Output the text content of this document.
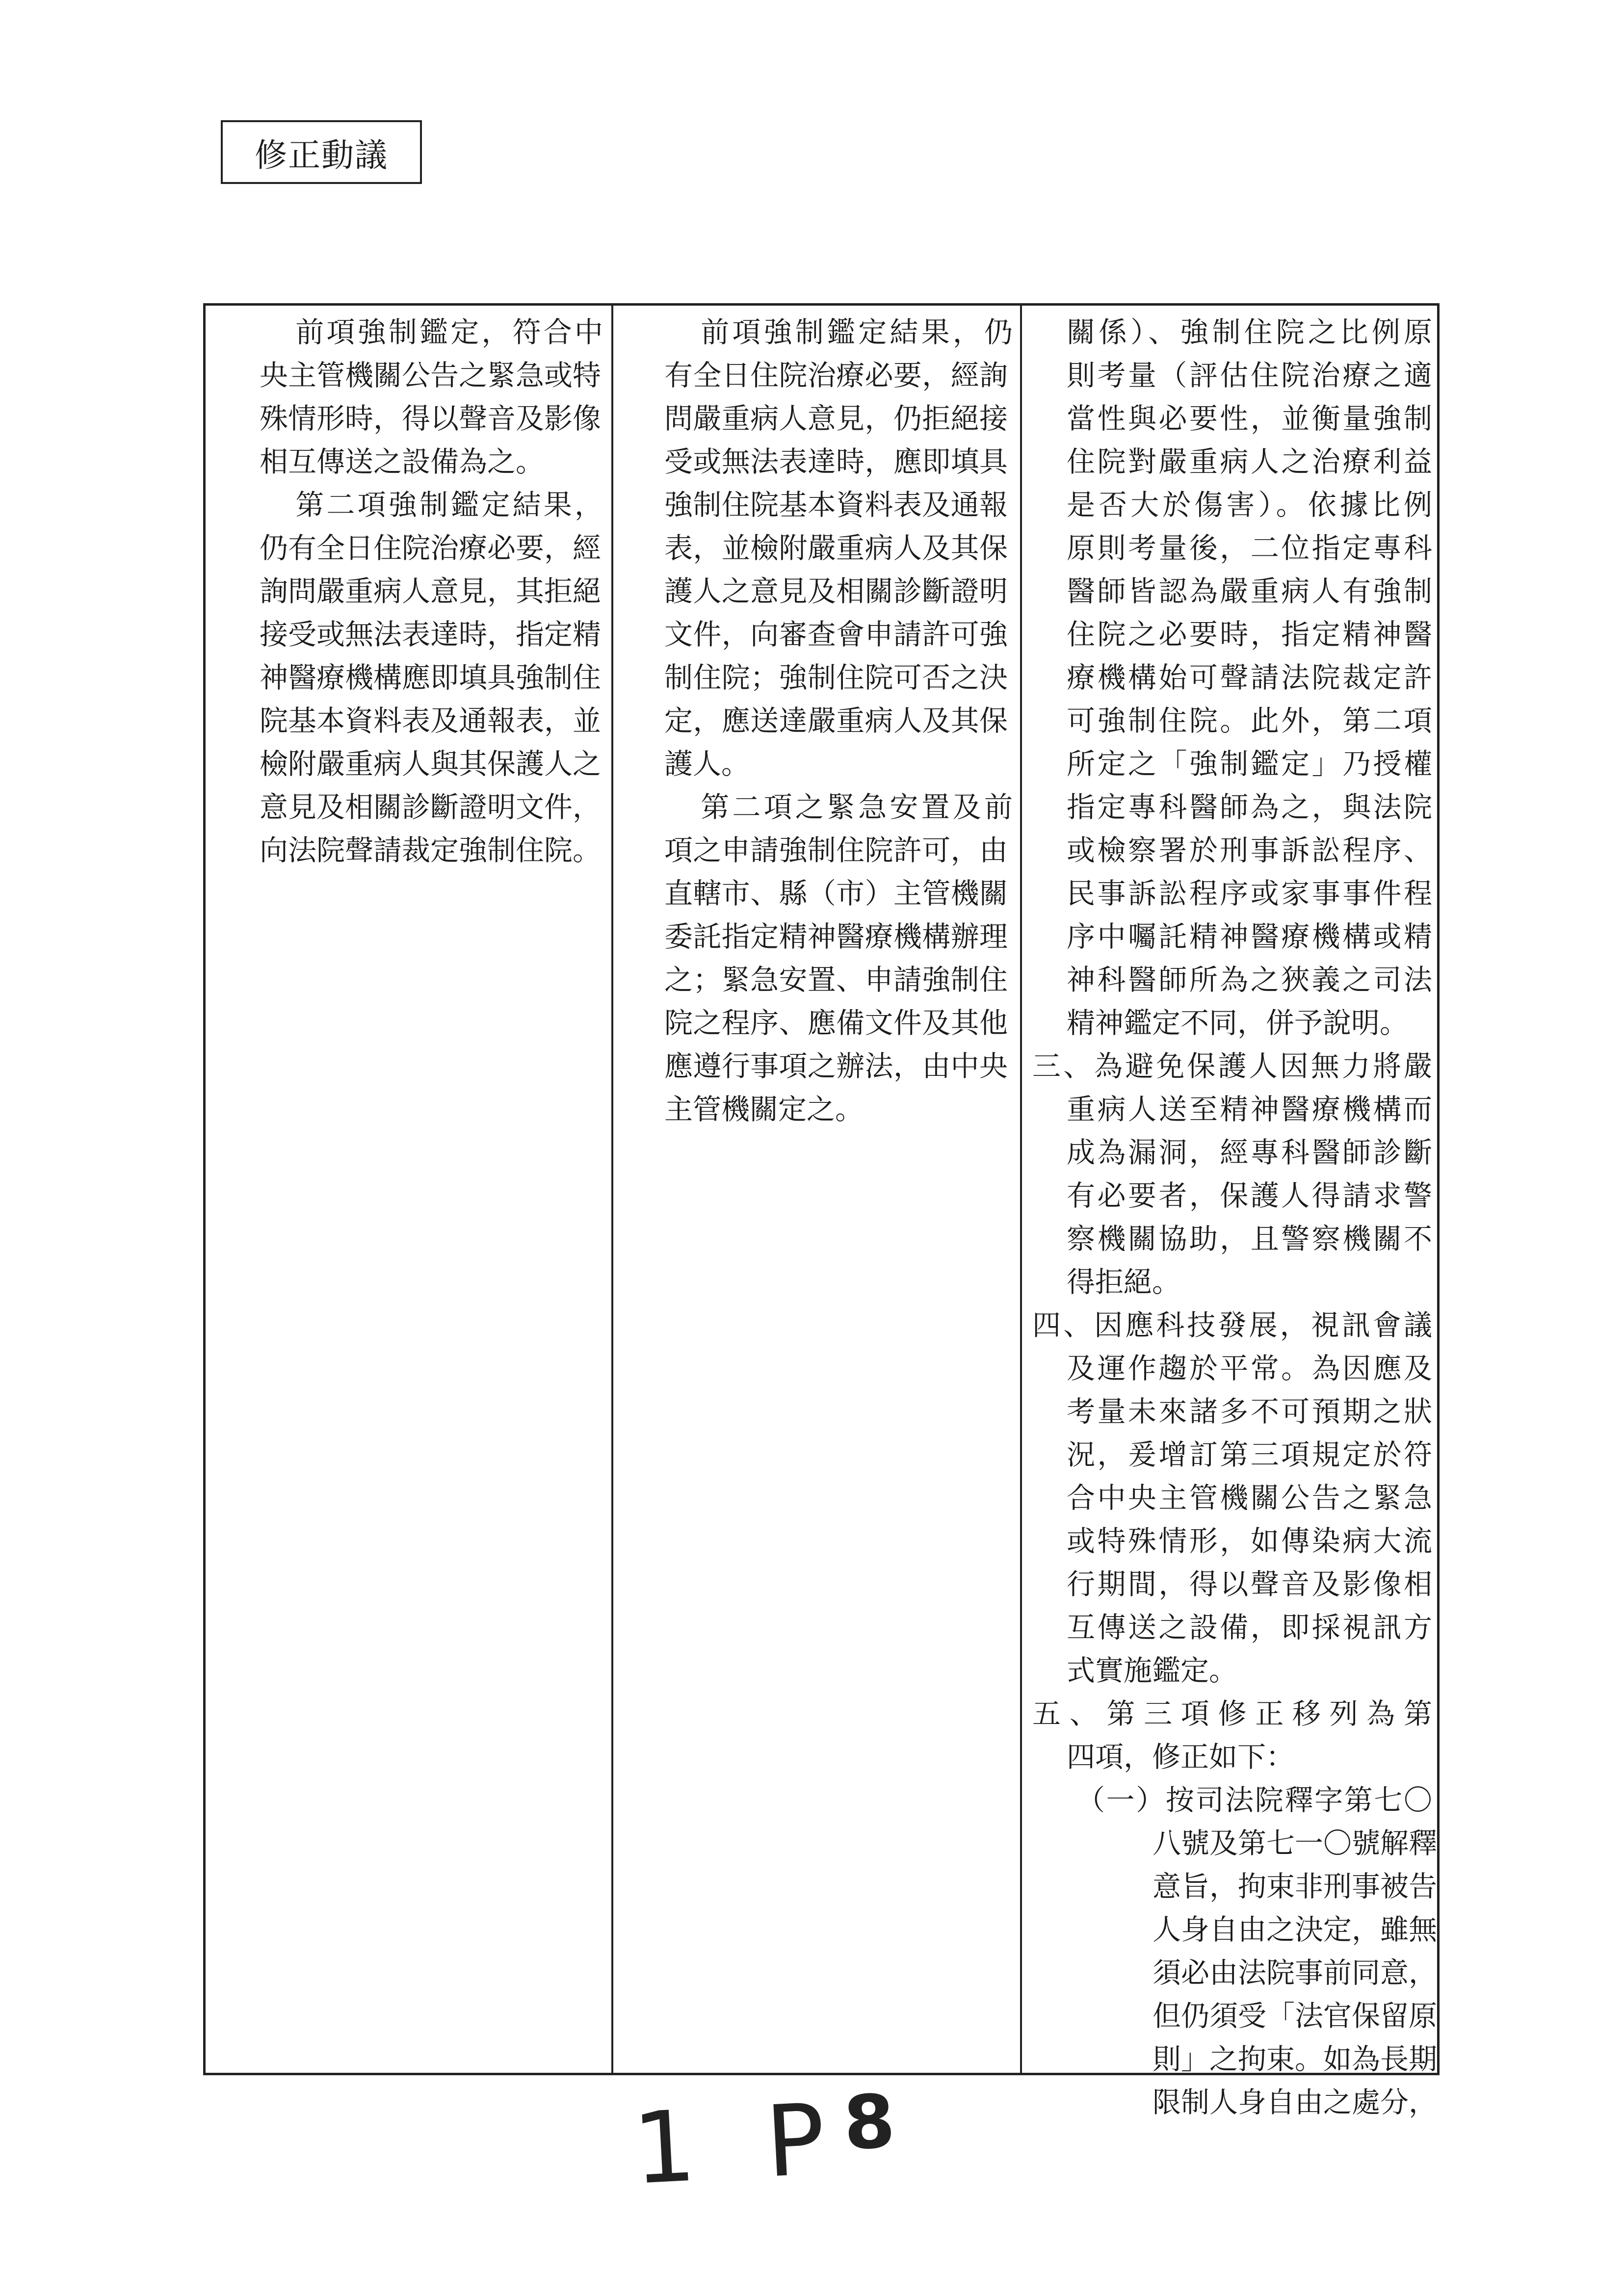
修正動議
　前項強制鑑定，符合中
央主管機關公告之緊急或特
殊情形時，得以聲音及影像
相互傳送之設備為之。
　第二項強制鑑定結果，
仍有全日住院治療必要，經
詢問嚴重病人意見，其拒絕
接受或無法表達時，指定精
神醫療機構應即填具強制住
院基本資料表及通報表，並
檢附嚴重病人與其保護人之
意見及相關診斷證明文件，
向法院聲請裁定強制住院。
　前項強制鑑定結果，仍
有全日住院治療必要，經詢
問嚴重病人意見，仍拒絕接
受或無法表達時，應即填具
強制住院基本資料表及通報
表，並檢附嚴重病人及其保
護人之意見及相關診斷證明
文件，向審查會申請許可強
制住院；強制住院可否之決
定，應送達嚴重病人及其保
護人。
　第二項之緊急安置及前
項之申請強制住院許可，由
直轄市、縣（市）主管機關
委託指定精神醫療機構辦理
之；緊急安置、申請強制住
院之程序、應備文件及其他
應遵行事項之辦法，由中央
主管機關定之。
關係）、強制住院之比例原
則考量（評估住院治療之適
當性與必要性，並衡量強制
住院對嚴重病人之治療利益
是否大於傷害）。依據比例
原則考量後，二位指定專科
醫師皆認為嚴重病人有強制
住院之必要時，指定精神醫
療機構始可聲請法院裁定許
可強制住院。此外，第二項
所定之「強制鑑定」乃授權
指定專科醫師為之，與法院
或檢察署於刑事訴訟程序、
民事訴訟程序或家事事件程
序中囑託精神醫療機構或精
神科醫師所為之狹義之司法
精神鑑定不同，併予說明。
三、為避免保護人因無力將嚴
重病人送至精神醫療機構而
成為漏洞，經專科醫師診斷
有必要者，保護人得請求警
察機關協助，且警察機關不
得拒絕。
四、因應科技發展，視訊會議
及運作趨於平常。為因應及
考量未來諸多不可預期之狀
況，爰增訂第三項規定於符
合中央主管機關公告之緊急
或特殊情形，如傳染病大流
行期間，得以聲音及影像相
互傳送之設備，即採視訊方
式實施鑑定。
五、第三項修正移列為第
四項，修正如下：
（一）按司法院釋字第七〇
八號及第七一〇號解釋
意旨，拘束非刑事被告
人身自由之決定，雖無
須必由法院事前同意，
但仍須受「法官保留原
則」之拘束。如為長期
限制人身自由之處分，
1 $P^8$
